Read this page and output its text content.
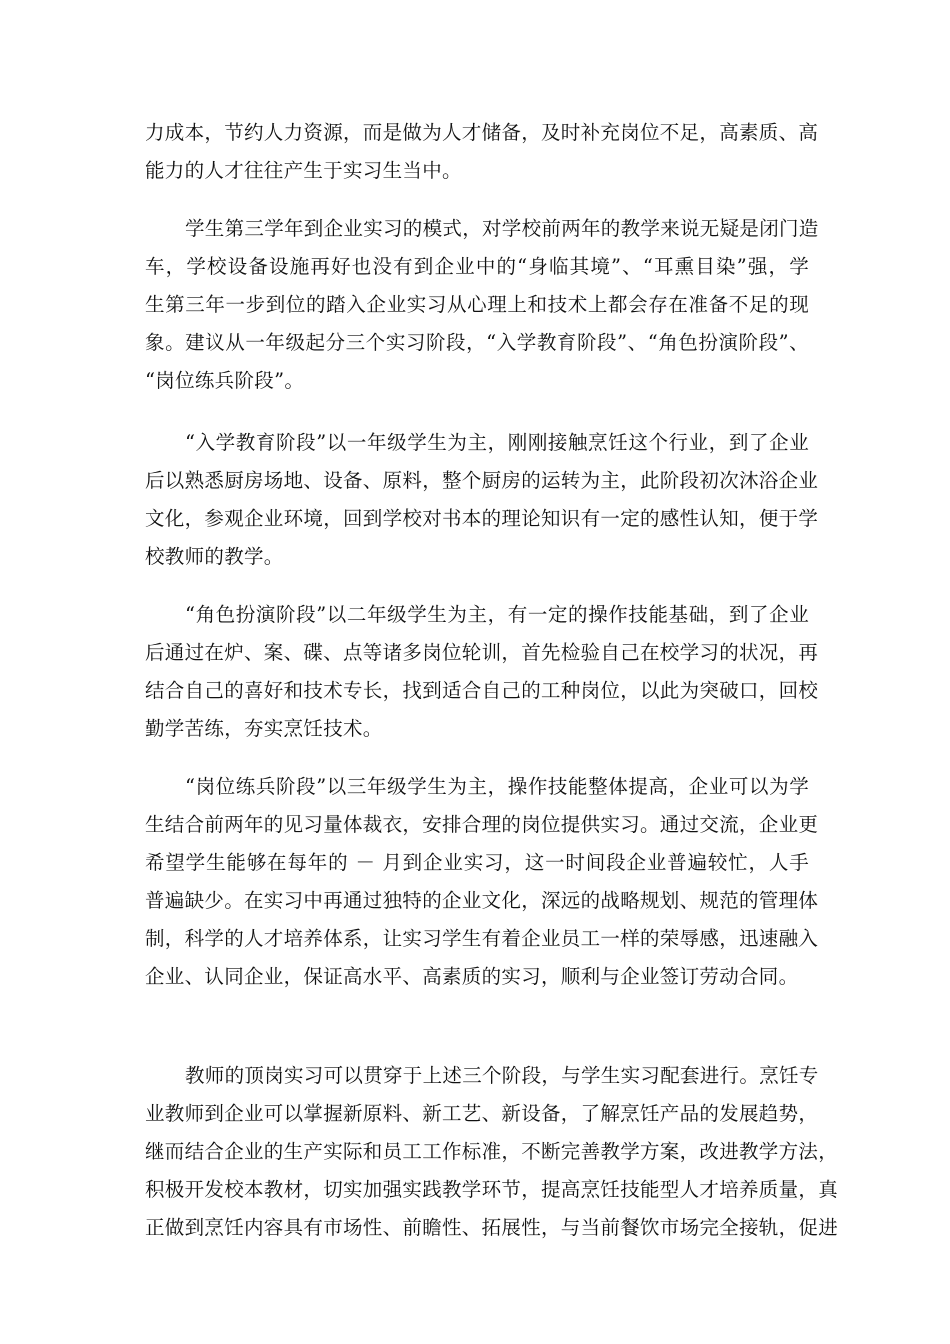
力成本，节约人力资源，而是做为人才储备，及时补充岗位不足，高素质、高
能力的人才往往产生于实习生当中。
学生第三学年到企业实习的模式，对学校前两年的教学来说无疑是闭门造
车，学校设备设施再好也没有到企业中的“身临其境”、“耳熏目染”强，学
生第三年一步到位的踏入企业实习从心理上和技术上都会存在准备不足的现
象。建议从一年级起分三个实习阶段，“入学教育阶段”、“角色扮演阶段”、
“岗位练兵阶段”。
“入学教育阶段”以一年级学生为主，刚刚接触烹饪这个行业，到了企业
后以熟悉厨房场地、设备、原料，整个厨房的运转为主，此阶段初次沐浴企业
文化，参观企业环境，回到学校对书本的理论知识有一定的感性认知，便于学
校教师的教学。
“角色扮演阶段”以二年级学生为主，有一定的操作技能基础，到了企业
后通过在炉、案、碟、点等诸多岗位轮训，首先检验自己在校学习的状况，再
结合自己的喜好和技术专长，找到适合自己的工种岗位，以此为突破口，回校
勤学苦练，夯实烹饪技术。
“岗位练兵阶段”以三年级学生为主，操作技能整体提高，企业可以为学
生结合前两年的见习量体裁衣，安排合理的岗位提供实习。通过交流，企业更
希望学生能够在每年的 － 月到企业实习，这一时间段企业普遍较忙，人手
普遍缺少。在实习中再通过独特的企业文化，深远的战略规划、规范的管理体
制，科学的人才培养体系，让实习学生有着企业员工一样的荣辱感，迅速融入
企业、认同企业，保证高水平、高素质的实习，顺利与企业签订劳动合同。
教师的顶岗实习可以贯穿于上述三个阶段，与学生实习配套进行。烹饪专
业教师到企业可以掌握新原料、新工艺、新设备，了解烹饪产品的发展趋势，
继而结合企业的生产实际和员工工作标准，不断完善教学方案，改进教学方法，
积极开发校本教材，切实加强实践教学环节，提高烹饪技能型人才培养质量，真
正做到烹饪内容具有市场性、前瞻性、拓展性，与当前餐饮市场完全接轨，促进
